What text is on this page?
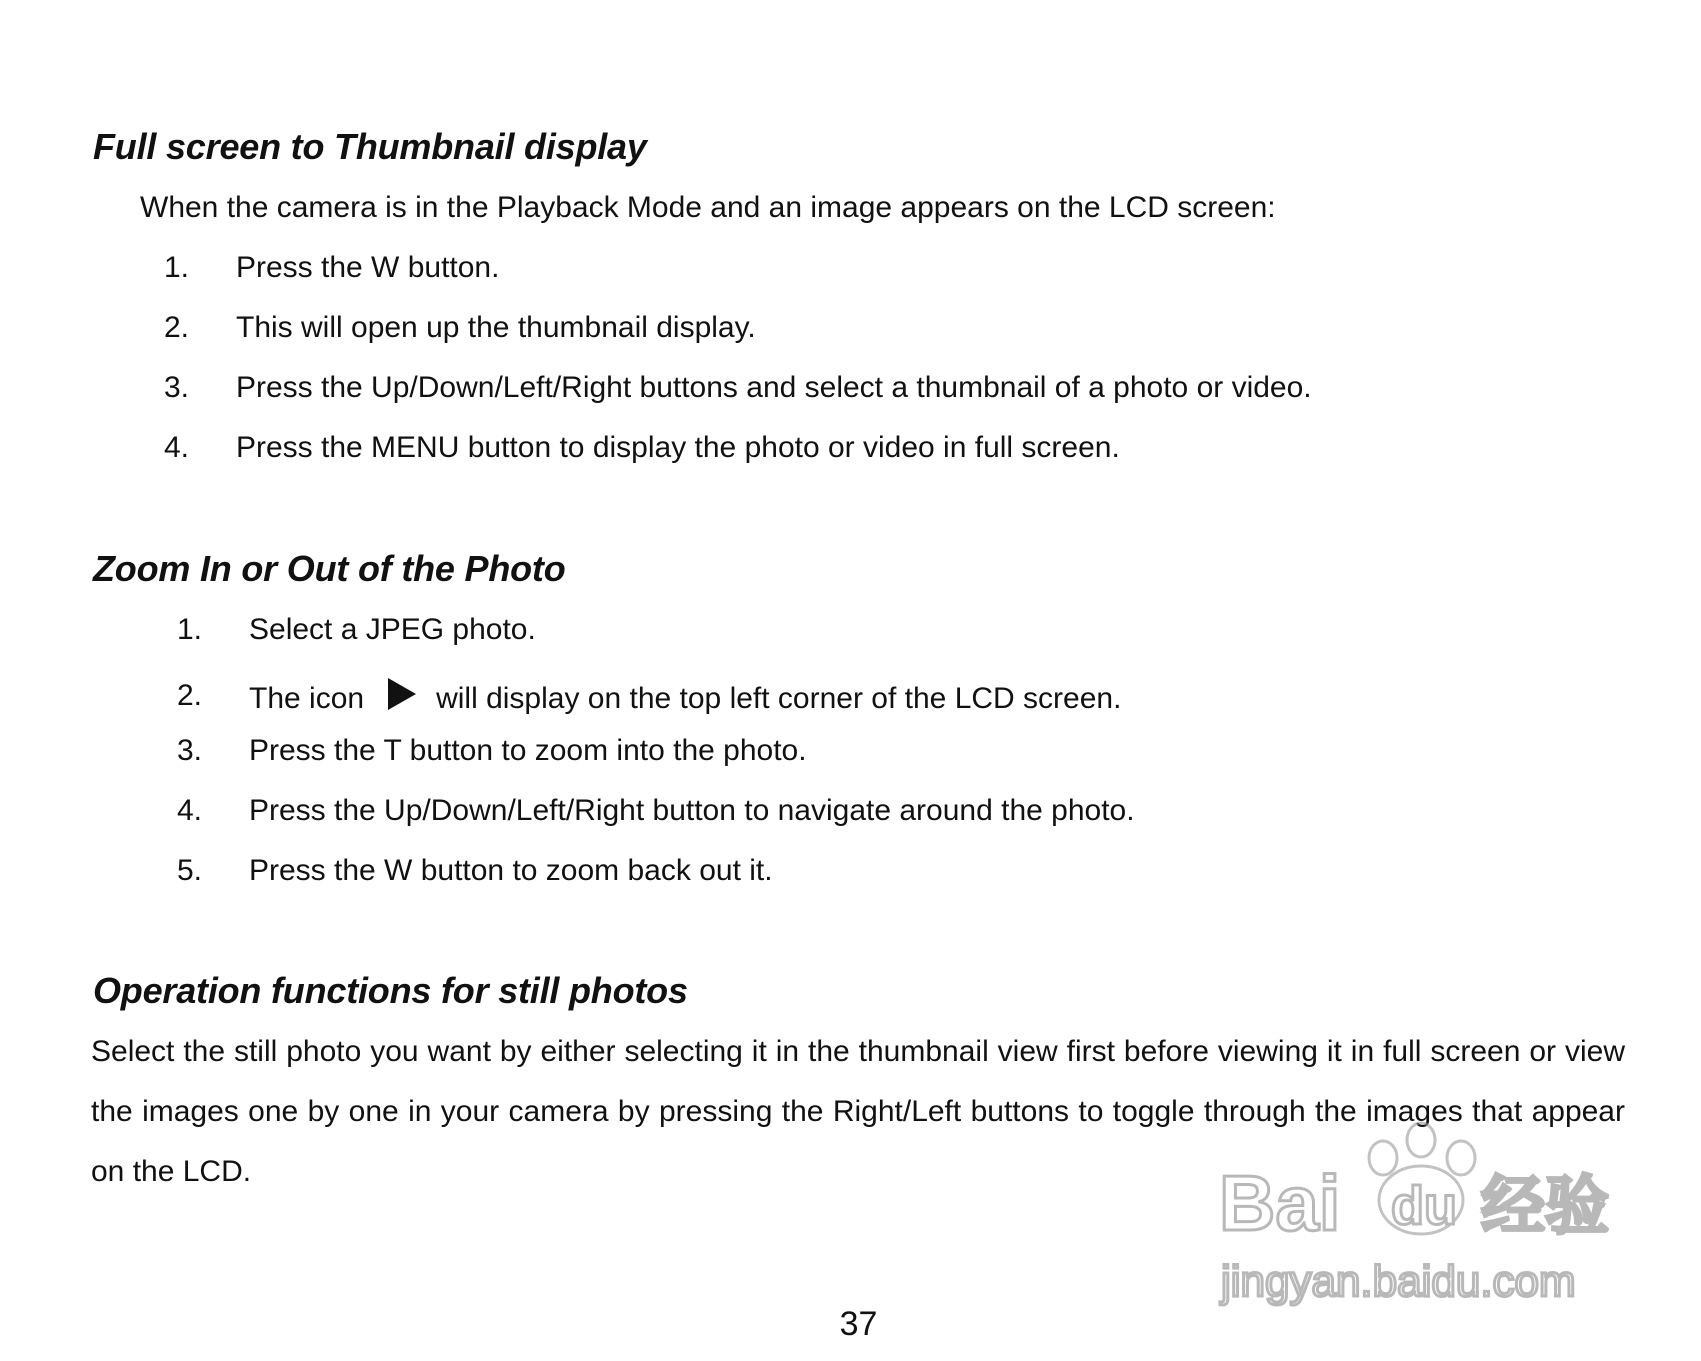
Full screen to Thumbnail display

When the camera is in the Playback Mode and an image appears on the LCD screen:

1. Press the W button.
2. This will open up the thumbnail display.
3. Press the Up/Down/Left/Right buttons and select a thumbnail of a photo or video.
4. Press the MENU button to display the photo or video in full screen.
Zoom In or Out of the Photo
1. Select a JPEG photo.
2. The icon will display on the top left corner of the LCD screen.
3. Press the T button to zoom into the photo.
4. Press the Up/Down/Left/Right button to navigate around the photo.
5. Press the W button to zoom back out it.
Operation functions for still photos

Select the still photo you want by either selecting it in the thumbnail view first before viewing it in full screen or view the images one by one in your camera by pressing the Right/Left buttons to toggle through the images that appear on the LCD.	Bai du 经验
jingyan.baidu.com
37
